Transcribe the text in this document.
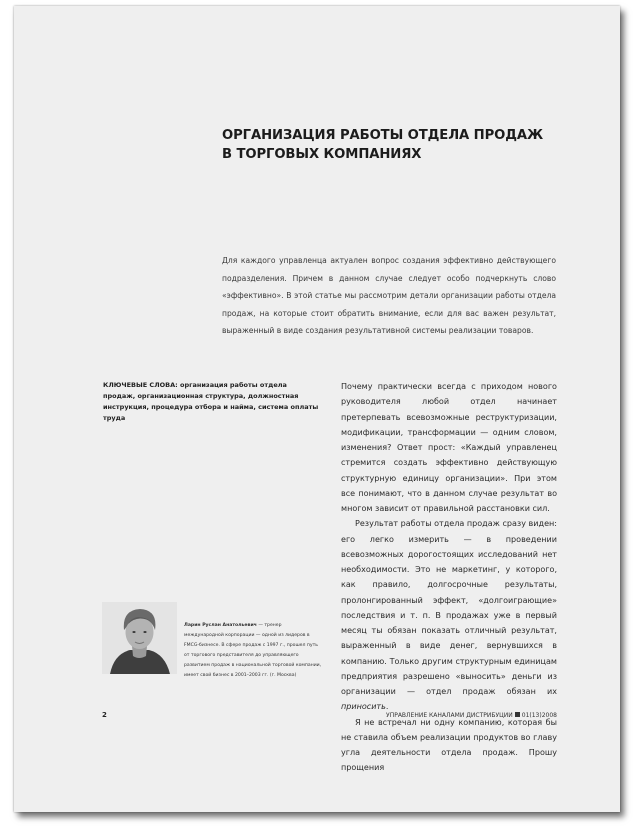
ОРГАНИЗАЦИЯ РАБОТЫ ОТДЕЛА ПРОДАЖ
В ТОРГОВЫХ КОМПАНИЯХ

Для каждого управленца актуален вопрос создания эффективно действующего подразделения. Причем в данном случае следует особо подчеркнуть слово «эффективно». В этой статье мы рассмотрим детали организации работы отдела продаж, на которые стоит обратить внимание, если для вас важен результат, выраженный в виде создания результативной системы реализации товаров.

КЛЮЧЕВЫЕ СЛОВА: организация работы отдела продаж, организационная структура, должностная инструкция, процедура отбора и найма, система оплаты труда

Почему практически всегда с приходом нового руководителя любой отдел начинает претерпевать всевозможные реструктуризации, модификации, трансформации — одним словом, изменения? Ответ прост: «Каждый управленец стремится создать эффективно действующую структурную единицу организации». При этом все понимают, что в данном случае результат во многом зависит от правильной расстановки сил.

Результат работы отдела продаж сразу виден: его легко измерить — в проведении всевозможных дорогостоящих исследований нет необходимости. Это не маркетинг, у которого, как правило, долгосрочные результаты, пролонгированный эффект, «долгоиграющие» последствия и т. п. В продажах уже в первый месяц ты обязан показать отличный результат, выраженный в виде денег, вернувшихся в компанию. Только другим структурным единицам предприятия разрешено «выносить» деньги из организации — отдел продаж обязан их приносить.

Я не встречал ни одну компанию, которая бы не ставила объем реализации продуктов во главу угла деятельности отдела продаж. Прошу прощения

Ларин Руслан Анатольевич — тренер международной корпорации — одной из лидеров в FMCG-бизнесе. В сфере продаж с 1997 г., прошел путь от торгового представителя до управляющего развитием продаж в национальной торговой компании, имеет свой бизнес в 2001–2003 гг. (г. Москва)
2	УПРАВЛЕНИЕ КАНАЛАМИ ДИСТРИБУЦИИ 01(13)2008
